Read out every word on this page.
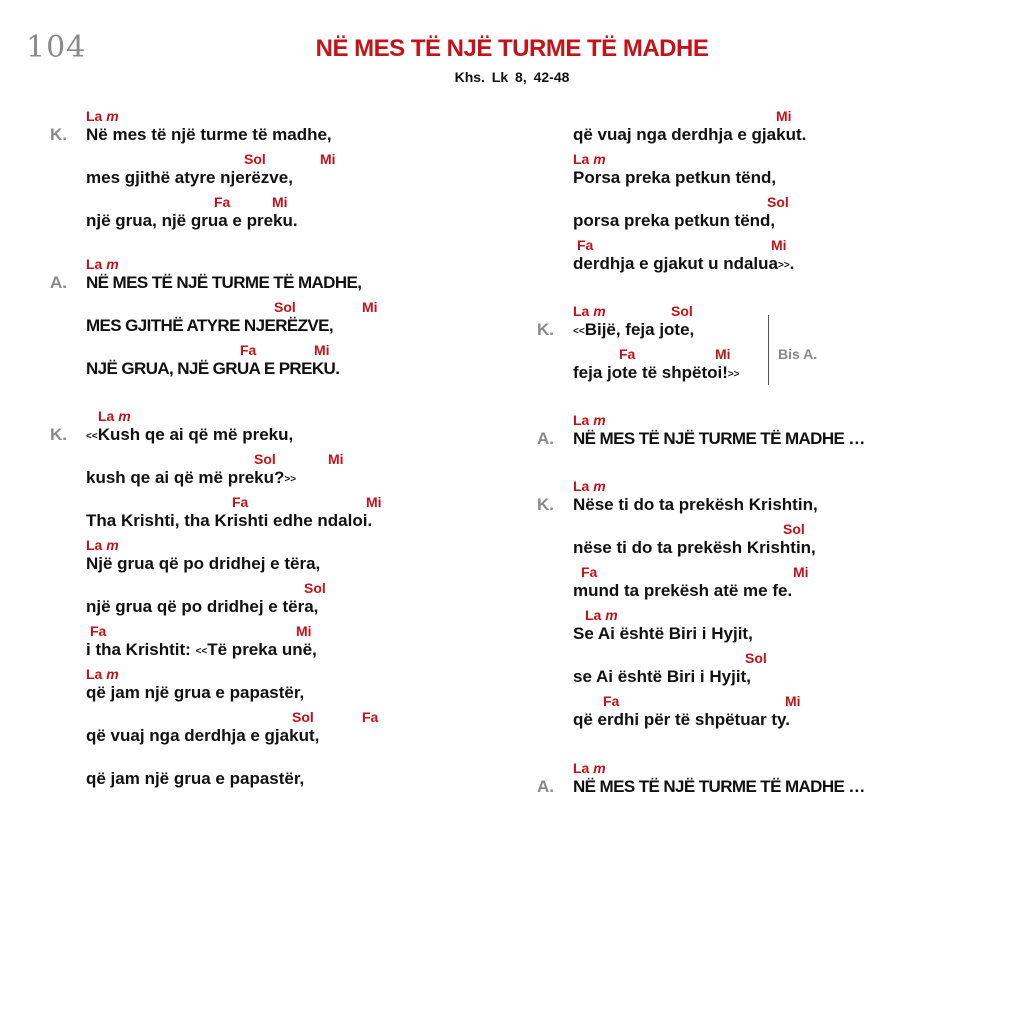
104	NË MES TË NJË TURME TË MADHE
Khs. Lk 8, 42-48
La m
K. Në mes të një turme të madhe,
Sol	Mi
mes gjithë atyre njerëzve,
Fa	Mi
një grua, një grua e preku.
La m
A. NË MES TË NJË TURME TË MADHE,
Sol	Mi
MES GJITHË ATYRE NJERËZVE,
Fa	Mi
NJË GRUA, NJË GRUA E PREKU.
La m
K. <<Kush qe ai që më preku,
Sol	Mi
kush qe ai që më preku?>>
Fa	Mi
Tha Krishti, tha Krishti edhe ndaloi.
La m
Një grua që po dridhej e tëra,
Sol
një grua që po dridhej e tëra,
Fa	Mi
i tha Krishtit: <<Të preka unë,
La m
që jam një grua e papastër,
Sol	Fa
që vuaj nga derdhja e gjakut,
që jam një grua e papastër,
Mi
që vuaj nga derdhja e gjakut.
La m
Porsa preka petkun tënd,
Sol
porsa preka petkun tënd,
Fa	Mi
derdhja e gjakut u ndalua>>.
La m	Sol
K. <<Bijë, feja jote,
Fa	Mi
feja jote të shpëtoi!>>
La m
A. NË MES TË NJË TURME TË MADHE …
La m
K. Nëse ti do ta prekësh Krishtin,
Sol
nëse ti do ta prekësh Krishtin,
Fa	Mi
mund ta prekësh atë me fe.
La m
Se Ai është Biri i Hyjit,
Sol
se Ai është Biri i Hyjit,
Fa	Mi
që erdhi për të shpëtuar ty.
La m
A. NË MES TË NJË TURME TË MADHE …
Bis A.
